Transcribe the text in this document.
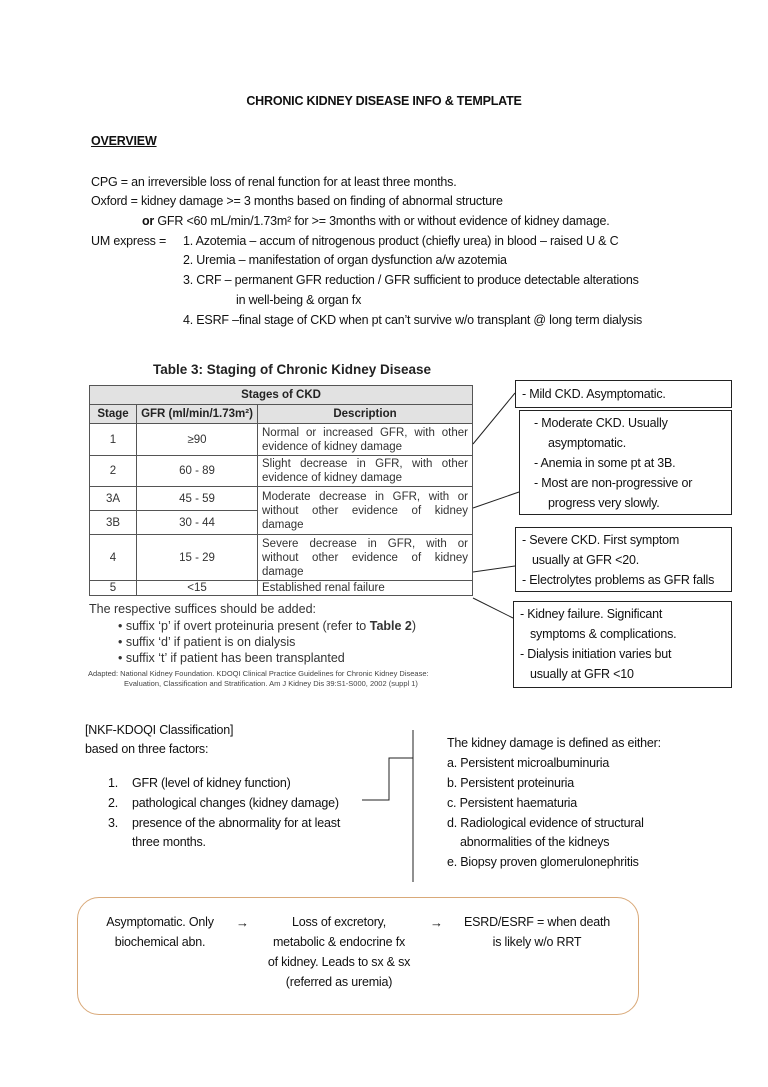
CHRONIC KIDNEY DISEASE INFO & TEMPLATE
OVERVIEW
CPG = an irreversible loss of renal function for at least three months.
Oxford = kidney damage >= 3 months based on finding of abnormal structure
or GFR <60 mL/min/1.73m² for >= 3months with or without evidence of kidney damage.
UM express = 1. Azotemia – accum of nitrogenous product (chiefly urea) in blood – raised U & C
2. Uremia – manifestation of organ dysfunction a/w azotemia
3. CRF – permanent GFR reduction / GFR sufficient to produce detectable alterations
in well-being & organ fx
4. ESRF –final stage of CKD when pt can’t survive w/o transplant @ long term dialysis
Table 3: Staging of Chronic Kidney Disease
Stages of CKD		
Stage	GFR (ml/min/1.73m²)	Description
1	≥90	Normal or increased GFR, with other evidence of kidney damage
2	60 - 89	Slight decrease in GFR, with other evidence of kidney damage
3A	45 - 59	Moderate decrease in GFR, with or without other evidence of kidney damage
3B	30 - 44	
4	15 - 29	Severe decrease in GFR, with or without other evidence of kidney damage
5	<15	Established renal failure
The respective suffices should be added:
• suffix ‘p’ if overt proteinuria present (refer to Table 2)
• suffix ‘d’ if patient is on dialysis
• suffix ‘t’ if patient has been transplanted
Adapted: National Kidney Foundation. KDOQI Clinical Practice Guidelines for Chronic Kidney Disease:
Evaluation, Classification and Stratification. Am J Kidney Dis 39:S1-S000, 2002 (suppl 1)
- Mild CKD. Asymptomatic.
- Moderate CKD. Usually
asymptomatic.
- Anemia in some pt at 3B.
- Most are non-progressive or
progress very slowly.
- Severe CKD. First symptom
usually at GFR <20.
- Electrolytes problems as GFR falls
- Kidney failure. Significant
symptoms & complications.
- Dialysis initiation varies but
usually at GFR <10
[NKF-KDOQI Classification]
based on three factors:
1. GFR (level of kidney function)
2. pathological changes (kidney damage)
3. presence of the abnormality for at least
three months.
The kidney damage is defined as either:
a. Persistent microalbuminuria
b. Persistent proteinuria
c. Persistent haematuria
d. Radiological evidence of structural
abnormalities of the kidneys
e. Biopsy proven glomerulonephritis
Asymptomatic. Only
biochemical abn.
→	Loss of excretory,
metabolic & endocrine fx
of kidney. Leads to sx & sx
(referred as uremia)
→	ESRD/ESRF = when death
is likely w/o RRT
